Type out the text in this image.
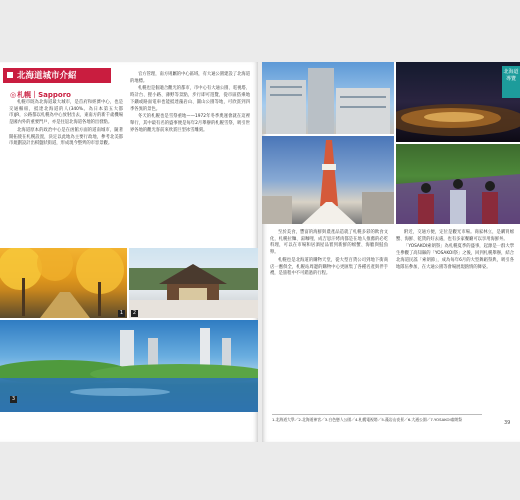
北海道城市介紹
◎ 札幌｜Sapporo

札幌市既為北海道最大城市，是首府和經濟中心，也是交通樞紐，抵達北海道的人(340%。為日本第五大都市)JR，公路都以札幌為中心放射出去，東南方的新千歲機場是國內外的重要門戶，亦是往返北海道各地的出發點。

北海道原本的政治中心是在函館方面的道南城市，隨著開拓使在札幌設置，決定以此地為主要行政地，參考北美都市規劃設計出棋盤狀街道，形成現今整齊的市容景觀。

官方管理，南方則屬的中心區域，有大通公園建設了北海道的地標。

札幌也是個適合觀光的都市，市中心有大通公園、電視塔、時計台、狸小路、薄野等景點，步行即可遊覽，從市區搭乘地下鐵或路面電車也能抵達藻岩山、圓山公園等地，可欣賞到四季各異的景色。

冬天的札幌也是雪祭重地——1972年冬季奧運會就在這裡舉行，其中最有名的盛事便是每年2月舉辦的札幌雪祭，吸引世界各地的觀光客前來欣賞巨型冰雪雕刻。

1	2
3
北海道導覽

至於美食，豐富的海鮮與農產品造就了札幌多彩的飲食文化，札幌拉麵、湯咖哩、成吉思汗烤肉都是在地人推薦的必吃料理，可以在市場和居酒屋品嘗到新鮮的螃蟹、海膽與鮭魚卵。

札幌也是北海道的購物天堂，從大型百貨公司到地下街商店一應俱全，札幌站周邊的購物中心更匯集了各種名產與伴手禮，是旅程中不可錯過的行程。

附近，交通方便，定位是觀光市場。商家林立，是購買螃蟹、海鮮、乾貨的好去處，也有多家餐廳可以享用海鮮丼。

「YOSAKOI索朗祭」為札幌夏季的盛事，起源是一群大學生參觀了高知縣的「YOSAKOI祭」之後，回到札幌舉辦，結合北海道民謠「索朗節」，成為每年6月的大型舞蹈祭典，吸引各地隊伍參加，在大通公園等會場展現熱情的舞姿。

1.北海道大學／2.北海道神宮／3.白色戀人公園／4.札幌電視塔／5.藻岩山夜景／6.大通公園／7.YOSAKOI索朗祭
39
